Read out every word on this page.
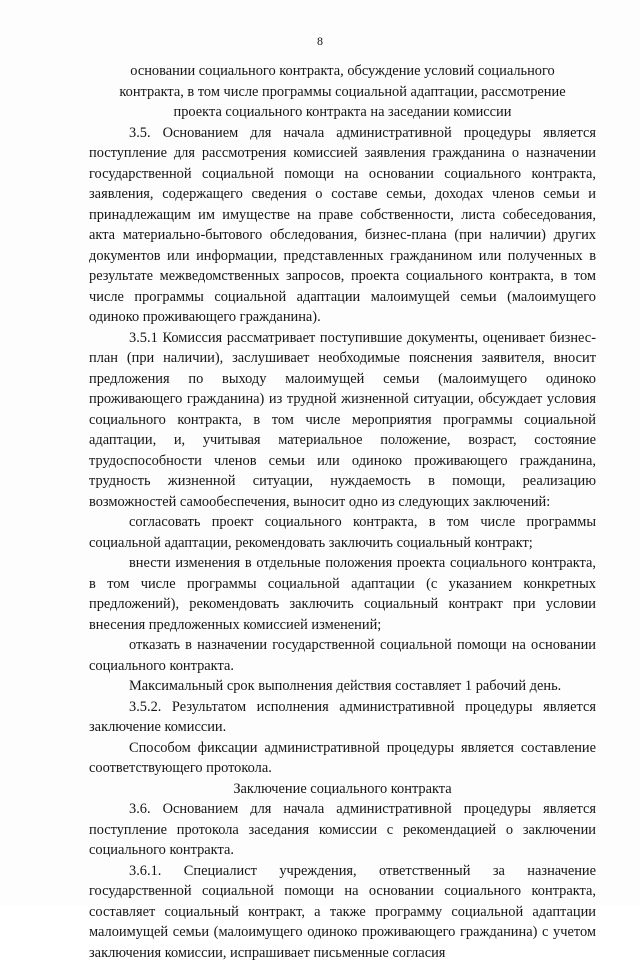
8
основании социального контракта, обсуждение условий социального
контракта, в том числе программы социальной адаптации, рассмотрение
проекта социального контракта на заседании комиссии

3.5. Основанием для начала административной процедуры является поступление для рассмотрения комиссией заявления гражданина о назначении государственной социальной помощи на основании социального контракта, заявления, содержащего сведения о составе семьи, доходах членов семьи и принадлежащим им имуществе на праве собственности, листа собеседования, акта материально-бытового обследования, бизнес-плана (при наличии) других документов или информации, представленных гражданином или полученных в результате межведомственных запросов, проекта социального контракта, в том числе программы социальной адаптации малоимущей семьи (малоимущего одиноко проживающего гражданина).

3.5.1 Комиссия рассматривает поступившие документы, оценивает бизнес-план (при наличии), заслушивает необходимые пояснения заявителя, вносит предложения по выходу малоимущей семьи (малоимущего одиноко проживающего гражданина) из трудной жизненной ситуации, обсуждает условия социального контракта, в том числе мероприятия программы социальной адаптации, и, учитывая материальное положение, возраст, состояние трудоспособности членов семьи или одиноко проживающего гражданина, трудность жизненной ситуации, нуждаемость в помощи, реализацию возможностей самообеспечения, выносит одно из следующих заключений:

согласовать проект социального контракта, в том числе программы социальной адаптации, рекомендовать заключить социальный контракт;

внести изменения в отдельные положения проекта социального контракта, в том числе программы социальной адаптации (с указанием конкретных предложений), рекомендовать заключить социальный контракт при условии внесения предложенных комиссией изменений;

отказать в назначении государственной социальной помощи на основании социального контракта.

Максимальный срок выполнения действия составляет 1 рабочий день.

3.5.2. Результатом исполнения административной процедуры является заключение комиссии.

Способом фиксации административной процедуры является составление соответствующего протокола.

Заключение социального контракта

3.6. Основанием для начала административной процедуры является поступление протокола заседания комиссии с рекомендацией о заключении социального контракта.

3.6.1. Специалист учреждения, ответственный за назначение государственной социальной помощи на основании социального контракта, составляет социальный контракт, а также программу социальной адаптации малоимущей семьи (малоимущего одиноко проживающего гражданина) с учетом заключения комиссии, испрашивает письменные согласия
